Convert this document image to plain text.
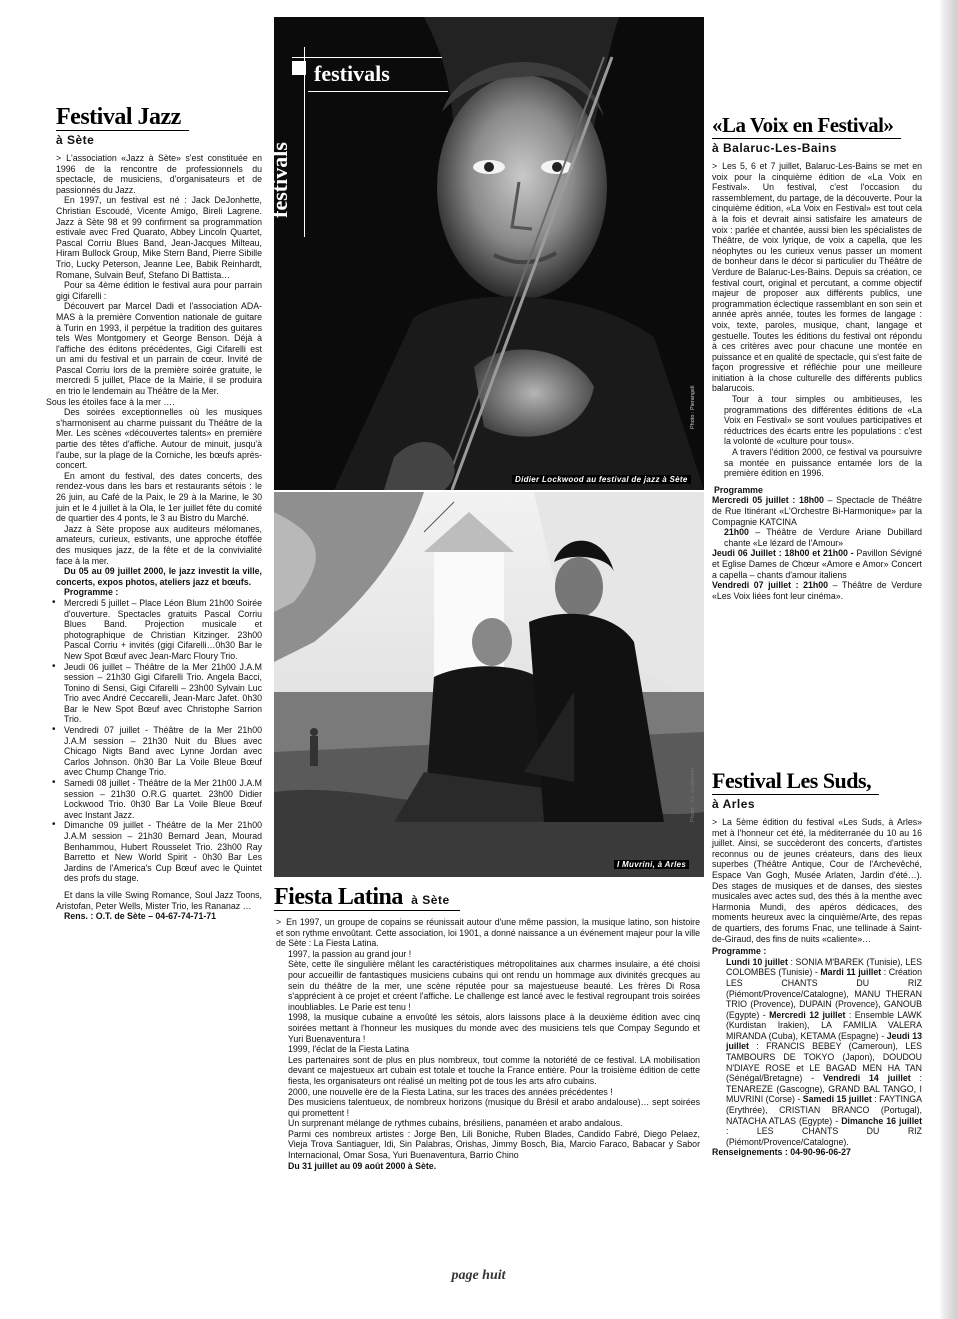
Festival Jazz
à Sète

> L'association «Jazz à Sète» s'est constituée en 1996 de la rencontre de professionnels du spectacle, de musiciens, d'organisateurs et de passionnés du Jazz.

En 1997, un festival est né : Jack DeJonhette, Christian Escoudé, Vicente Amigo, Bireli Lagrene. Jazz à Sète 98 et 99 confirment sa programmation estivale avec Fred Quarato, Abbey Lincoln Quartet, Pascal Corriu Blues Band, Jean-Jacques Milteau, Hiram Bullock Group, Mike Stern Band, Pierre Sibille Trio, Lucky Peterson, Jeanne Lee, Babik Reinhardt, Romane, Sulvain Beuf, Stefano Di Battista…

Pour sa 4ème édition le festival aura pour parrain gigi Cifarelli :

Découvert par Marcel Dadi et l'association ADA-MAS à la première Convention nationale de guitare à Turin en 1993, il perpétue la tradition des guitares tels Wes Montgomery et George Benson. Déjà à l'affiche des éditons précédentes, Gigi Cifarelli est un ami du festival et un parrain de cœur. Invité de Pascal Corriu lors de la première soirée gratuite, le mercredi 5 juillet, Place de la Mairie, il se produira en trio le lendemain au Théâtre de la Mer.

Sous les étoiles face à la mer ….

Des soirées exceptionnelles où les musiques s'harmonisent au charme puissant du Théâtre de la Mer. Les scènes «découvertes talents» en première partie des têtes d'affiche. Autour de minuit, jusqu'à l'aube, sur la plage de la Corniche, les bœufs après-concert.

En amont du festival, des dates concerts, des rendez-vous dans les bars et restaurants sétois : le 26 juin, au Café de la Paix, le 29 à la Marine, le 30 juin et le 4 juillet à la Ola, le 1er juillet fête du comité de quartier des 4 ponts, le 3 au Bistro du Marché.

Jazz à Sète propose aux auditeurs mélomanes, amateurs, curieux, estivants, une approche étoffée des musiques jazz, de la fête et de la convivialité face à la mer.

Du 05 au 09 juillet 2000, le jazz investit la ville, concerts, expos photos, ateliers jazz et bœufs.

Programme :

• Mercredi 5 juillet – Place Léon Blum 21h00 Soirée d'ouverture. Spectacles gratuits Pascal Corriu Blues Band. Projection musicale et photographique de Christian Kitzinger. 23h00 Pascal Corriu + invités (gigi Cifarelli…0h30 Bar le New Spot Bœuf avec Jean-Marc Floury Trio.
• Jeudi 06 juillet – Théâtre de la Mer 21h00 J.A.M session – 21h30 Gigi Cifarelli Trio. Angela Bacci, Tonino di Sensi, Gigi Cifarelli – 23h00 Sylvain Luc Trio avec André Ceccarelli, Jean-Marc Jafet. 0h30 Bar le New Spot Bœuf avec Christophe Sarrion Trio.
• Vendredi 07 juillet - Théâtre de la Mer 21h00 J.A.M session – 21h30 Nuit du Blues avec Chicago Nigts Band avec Lynne Jordan avec Carlos Johnson. 0h30 Bar La Voile Bleue Bœuf avec Chump Change Trio.
• Samedi 08 juillet - Théâtre de la Mer 21h00 J.A.M session – 21h30 O.R.G quartet. 23h00 Didier Lockwood Trio. 0h30 Bar La Voile Bleue Bœuf avec Instant Jazz.
• Dimanche 09 juillet - Théâtre de la Mer 21h00 J.A.M session – 21h30 Bernard Jean, Mourad Benhammou, Hubert Rousselet Trio. 23h00 Ray Barretto et New World Spirit - 0h30 Bar Les Jardins de l'America's Cup Bœuf avec le Quintet des profs du stage.

Et dans la ville Swing Romance, Soul Jazz Toons, Aristofan, Peter Wells, Mister Trio, les Rananaz …

Rens. : O.T. de Sète – 04-67-74-71-71

festivals
festivals
Photo : Pierangeli
Didier Lockwood au festival de jazz à Sète
Photo : J.L. Guillermin
I Muvrini, à Arles
Fiesta Latina à Sète

> En 1997, un groupe de copains se réunissait autour d'une même passion, la musique latino, son histoire et son rythme envoûtant. Cette association, loi 1901, a donné naissance a un événement majeur pour la ville de Sète : La Fiesta Latina.

1997, la passion au grand jour !

Sète, cette île singulière mêlant les caractéristiques métropolitaines aux charmes insulaire, a été choisi pour accueillir de fantastiques musiciens cubains qui ont rendu un hommage aux divinités grecques au sein du théâtre de la mer, une scène réputée pour sa majestueuse beauté. Les frères Di Rosa s'apprécient à ce projet et créent l'affiche. Le challenge est lancé avec le festival regroupant trois soirées inoubliables. Le Parie est tenu !

1998, la musique cubaine a envoûté les sétois, alors laissons place à la deuxième édition avec cinq soirées mettant à l'honneur les musiques du monde avec des musiciens tels que Compay Segundo et Yuri Buenaventura !

1999, l'éclat de la Fiesta Latina

Les partenaires sont de plus en plus nombreux, tout comme la notoriété de ce festival. LA mobilisation devant ce majestueux art cubain est totale et touche la France entière. Pour la troisième édition de cette fiesta, les organisateurs ont réalisé un melting pot de tous les arts afro cubains.

2000, une nouvelle ère de la Fiesta Latina, sur les traces des années précédentes !

Des musiciens talentueux, de nombreux horizons (musique du Brésil et arabo andalouse)… sept soirées qui promettent !

Un surprenant mélange de rythmes cubains, brésiliens, panaméen et arabo andalous.

Parmi ces nombreux artistes : Jorge Ben, Lili Boniche, Ruben Blades, Candido Fabré, Diego Pelaez, Vieja Trova Santiaguer, Idi, Sin Palabras, Orishas, Jimmy Bosch, Bia, Marcio Faraco, Babacar y Sabor Internacional, Omar Sosa, Yuri Buenaventura, Barrio Chino

Du 31 juillet au 09 août 2000 à Sète.

«La Voix en Festival»
à Balaruc-Les-Bains

> Les 5, 6 et 7 juillet, Balaruc-Les-Bains se met en voix pour la cinquième édition de «La Voix en Festival». Un festival, c'est l'occasion du rassemblement, du partage, de la découverte. Pour la cinquième édition, «La Voix en Festival» est tout cela à la fois et devrait ainsi satisfaire les amateurs de voix : parlée et chantée, aussi bien les spécialistes de Théâtre, de voix lyrique, de voix a capella, que les néophytes ou les curieux venus passer un moment de bonheur dans le décor si particulier du Théâtre de Verdure de Balaruc-Les-Bains. Depuis sa création, ce festival court, original et percutant, a comme objectif majeur de proposer aux différents publics, une programmation éclectique rassemblant en son sein et année après année, toutes les formes de langage : voix, texte, paroles, musique, chant, langage et gestuelle. Toutes les éditions du festival ont répondu à ces critères avec pour chacune une montée en puissance et en qualité de spectacle, qui s'est faite de façon progressive et réfléchie pour une meilleure initiation à la chose culturelle des différents publics balarucois.

Tour à tour simples ou ambitieuses, les programmations des différentes éditions de «La Voix en Festival» se sont voulues participatives et réductrices des écarts entre les populations : c'est la volonté de «culture pour tous».

A travers l'édition 2000, ce festival va poursuivre sa montée en puissance entamée lors de la première édition en 1996.

Programme

Mercredi 05 juillet : 18h00 – Spectacle de Théâtre de Rue Itinérant «L'Orchestre Bi-Harmonique» par la Compagnie KATCINA

21h00 – Théâtre de Verdure Ariane Dubillard chante «Le lézard de l'Amour»

Jeudi 06 Juillet : 18h00 et 21h00 - Pavillon Sévigné et Eglise Dames de Chœur «Amore e Amor» Concert a capella – chants d'amour italiens

Vendredi 07 juillet : 21h00 – Théâtre de Verdure «Les Voix liées font leur cinéma».

Festival Les Suds,
à Arles

> La 5ème édition du festival «Les Suds, à Arles» met à l'honneur cet été, la méditerranée du 10 au 16 juillet. Ainsi, se succèderont des concerts, d'artistes reconnus ou de jeunes créateurs, dans des lieux superbes (Théâtre Antique, Cour de l'Archevêché, Espace Van Gogh, Musée Arlaten, Jardin d'été…). Des stages de musiques et de danses, des siestes musicales avec actes sud, des thés à la menthe avec Harmonia Mundi, des apéros dédicaces, des moments heureux avec la cinquième/Arte, des repas de quartiers, des forums Fnac, une tellinade à Saint-de-Giraud, des fins de nuits «caliente»…

Programme :

Lundi 10 juillet : SONIA M'BAREK (Tunisie), LES COLOMBES (Tunisie) - Mardi 11 juillet : Création LES CHANTS DU RIZ (Piémont/Provence/Catalogne), MANU THERAN TRIO (Provence), DUPAIN (Provence), GANOUB (Egypte) - Mercredi 12 juillet : Ensemble LAWK (Kurdistan Irakien), LA FAMILIA VALERA MIRANDA (Cuba), KETAMA (Espagne) - Jeudi 13 juillet : FRANCIS BEBEY (Cameroun), LES TAMBOURS DE TOKYO (Japon), DOUDOU N'DIAYE ROSE et LE BAGAD MEN HA TAN (Sénégal/Bretagne) - Vendredi 14 juillet : TENAREZE (Gascogne), GRAND BAL TANGO, I MUVRINI (Corse) - Samedi 15 juillet : FAYTINGA (Erythrée), CRISTIAN BRANCO (Portugal), NATACHA ATLAS (Egypte) - Dimanche 16 juillet : LES CHANTS DU RIZ (Piémont/Provence/Catalogne).

Renseignements : 04-90-96-06-27

page huit
